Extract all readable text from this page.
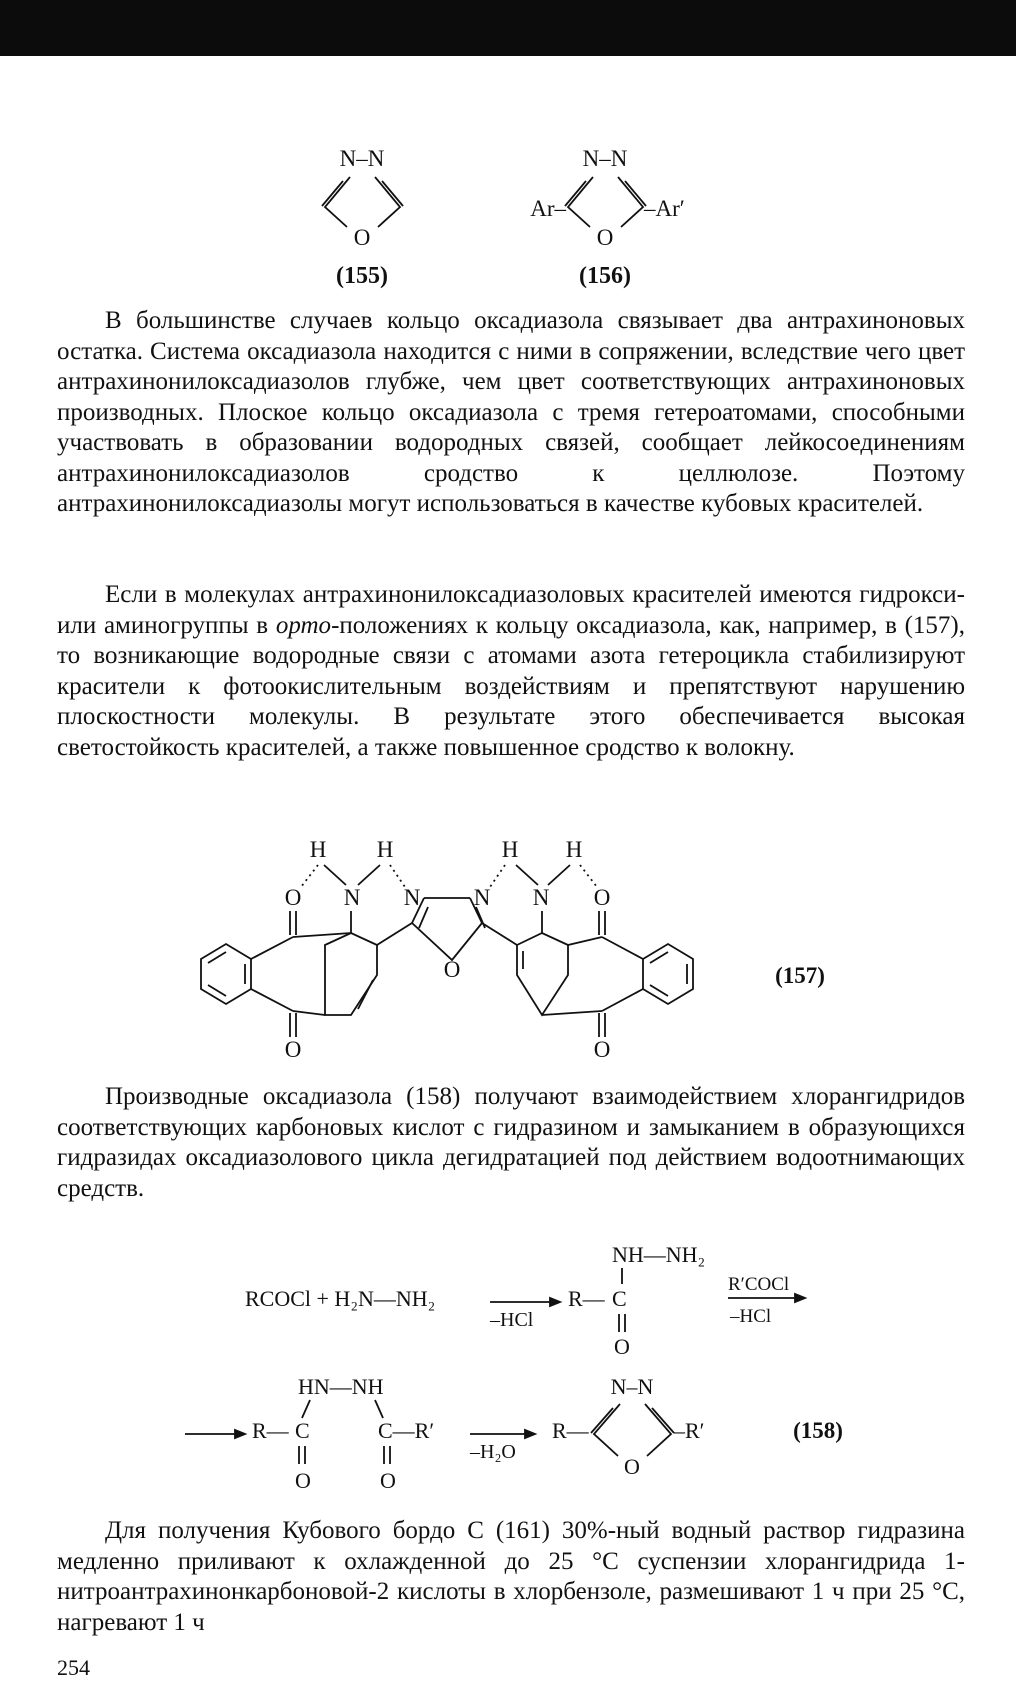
N–N
O
(155)
N–N
O
Ar–	–Ar′
(156)

В большинстве случаев кольцо оксадиазола связывает два антрахиноновых остатка. Система оксадиазола находится с ними в сопряжении, вследствие чего цвет антрахинонилоксадиазолов глубже, чем цвет соответствующих антрахиноновых производных. Плоское кольцо оксадиазола с тремя гетероатомами, способными участвовать в образовании водородных связей, сообщает лейкосоединениям антрахинонилоксадиазолов сродство к целлюлозе. Поэтому антрахинонилоксадиазолы могут использоваться в качестве кубовых красителей.

Если в молекулах антрахинонилоксадиазоловых красителей имеются гидрокси- или аминогруппы в орто-положениях к кольцу оксадиазола, как, например, в (157), то возникающие водородные связи с атомами азота гетероцикла стабилизируют красители к фотоокислительным воздействиям и препятствуют нарушению плоскостности молекулы. В результате этого обеспечивается высокая светостойкость красителей, а также повышенное сродство к волокну.

H H	H H
O N N N N O
O
O	O
(157)

Производные оксадиазола (158) получают взаимодействием хлорангидридов соответствующих карбоновых кислот с гидразином и замыканием в образующихся гидразидах оксадиазолового цикла дегидратацией под действием водоотнимающих средств.

NH—NH₂
RCOCl + H₂N—NH₂
–HCl
R— C
O
R′COCl
–HCl
HN—NH
R— C
O
C—R′
O
–H₂O
N–N
R—
O
–R′	(158)

Для получения Кубового бордо С (161) 30%-ный водный раствор гидразина медленно приливают к охлажденной до 25 °С суспензии хлорангидрида 1-нитроантрахинонкарбоновой-2 кислоты в хлорбензоле, размешивают 1 ч при 25 °С, нагревают 1 ч

254
